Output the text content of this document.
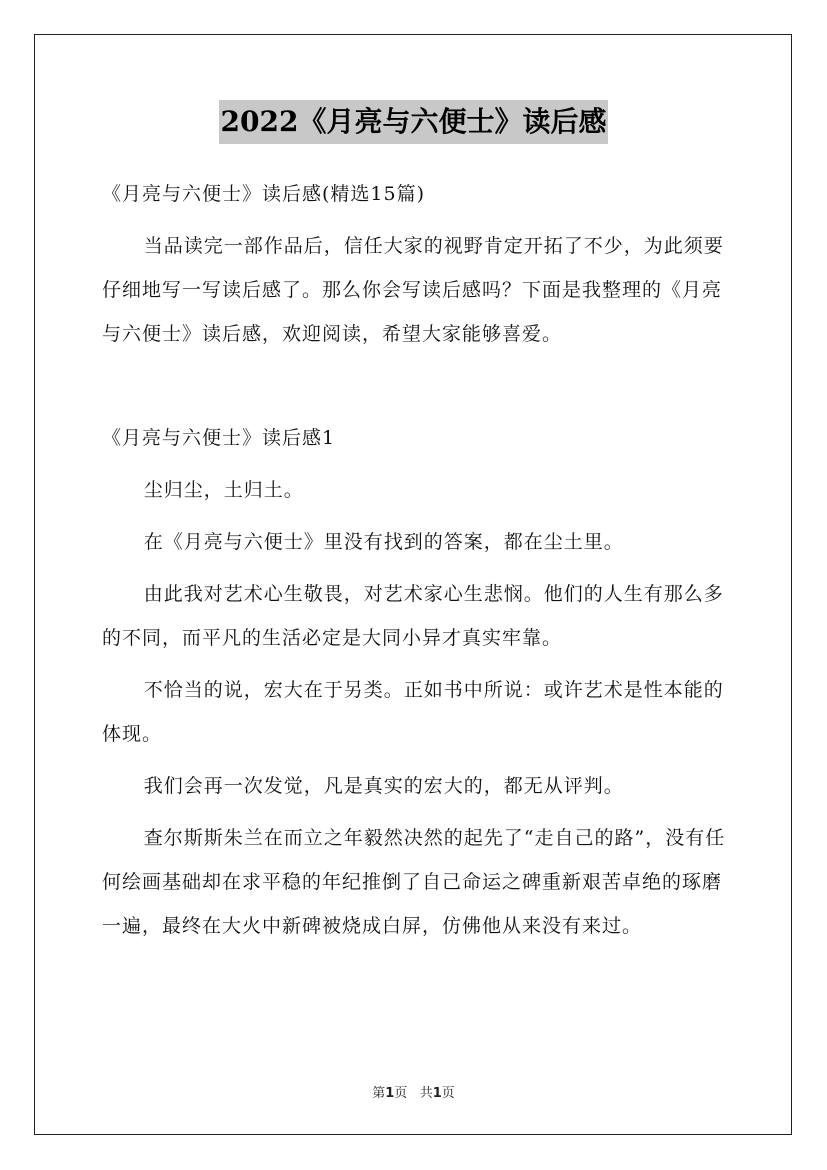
2022《月亮与六便士》读后感

《月亮与六便士》读后感(精选15篇)

当品读完一部作品后，信任大家的视野肯定开拓了不少，为此须要仔细地写一写读后感了。那么你会写读后感吗？下面是我整理的《月亮与六便士》读后感，欢迎阅读，希望大家能够喜爱。

《月亮与六便士》读后感1

尘归尘，土归土。

在《月亮与六便士》里没有找到的答案，都在尘土里。

由此我对艺术心生敬畏，对艺术家心生悲悯。他们的人生有那么多的不同，而平凡的生活必定是大同小异才真实牢靠。

不恰当的说，宏大在于另类。正如书中所说：或许艺术是性本能的体现。

我们会再一次发觉，凡是真实的宏大的，都无从评判。

查尔斯斯朱兰在而立之年毅然决然的起先了“走自己的路”，没有任何绘画基础却在求平稳的年纪推倒了自己命运之碑重新艰苦卓绝的琢磨一遍，最终在大火中新碑被烧成白屏，仿佛他从来没有来过。

第1页 共1页
